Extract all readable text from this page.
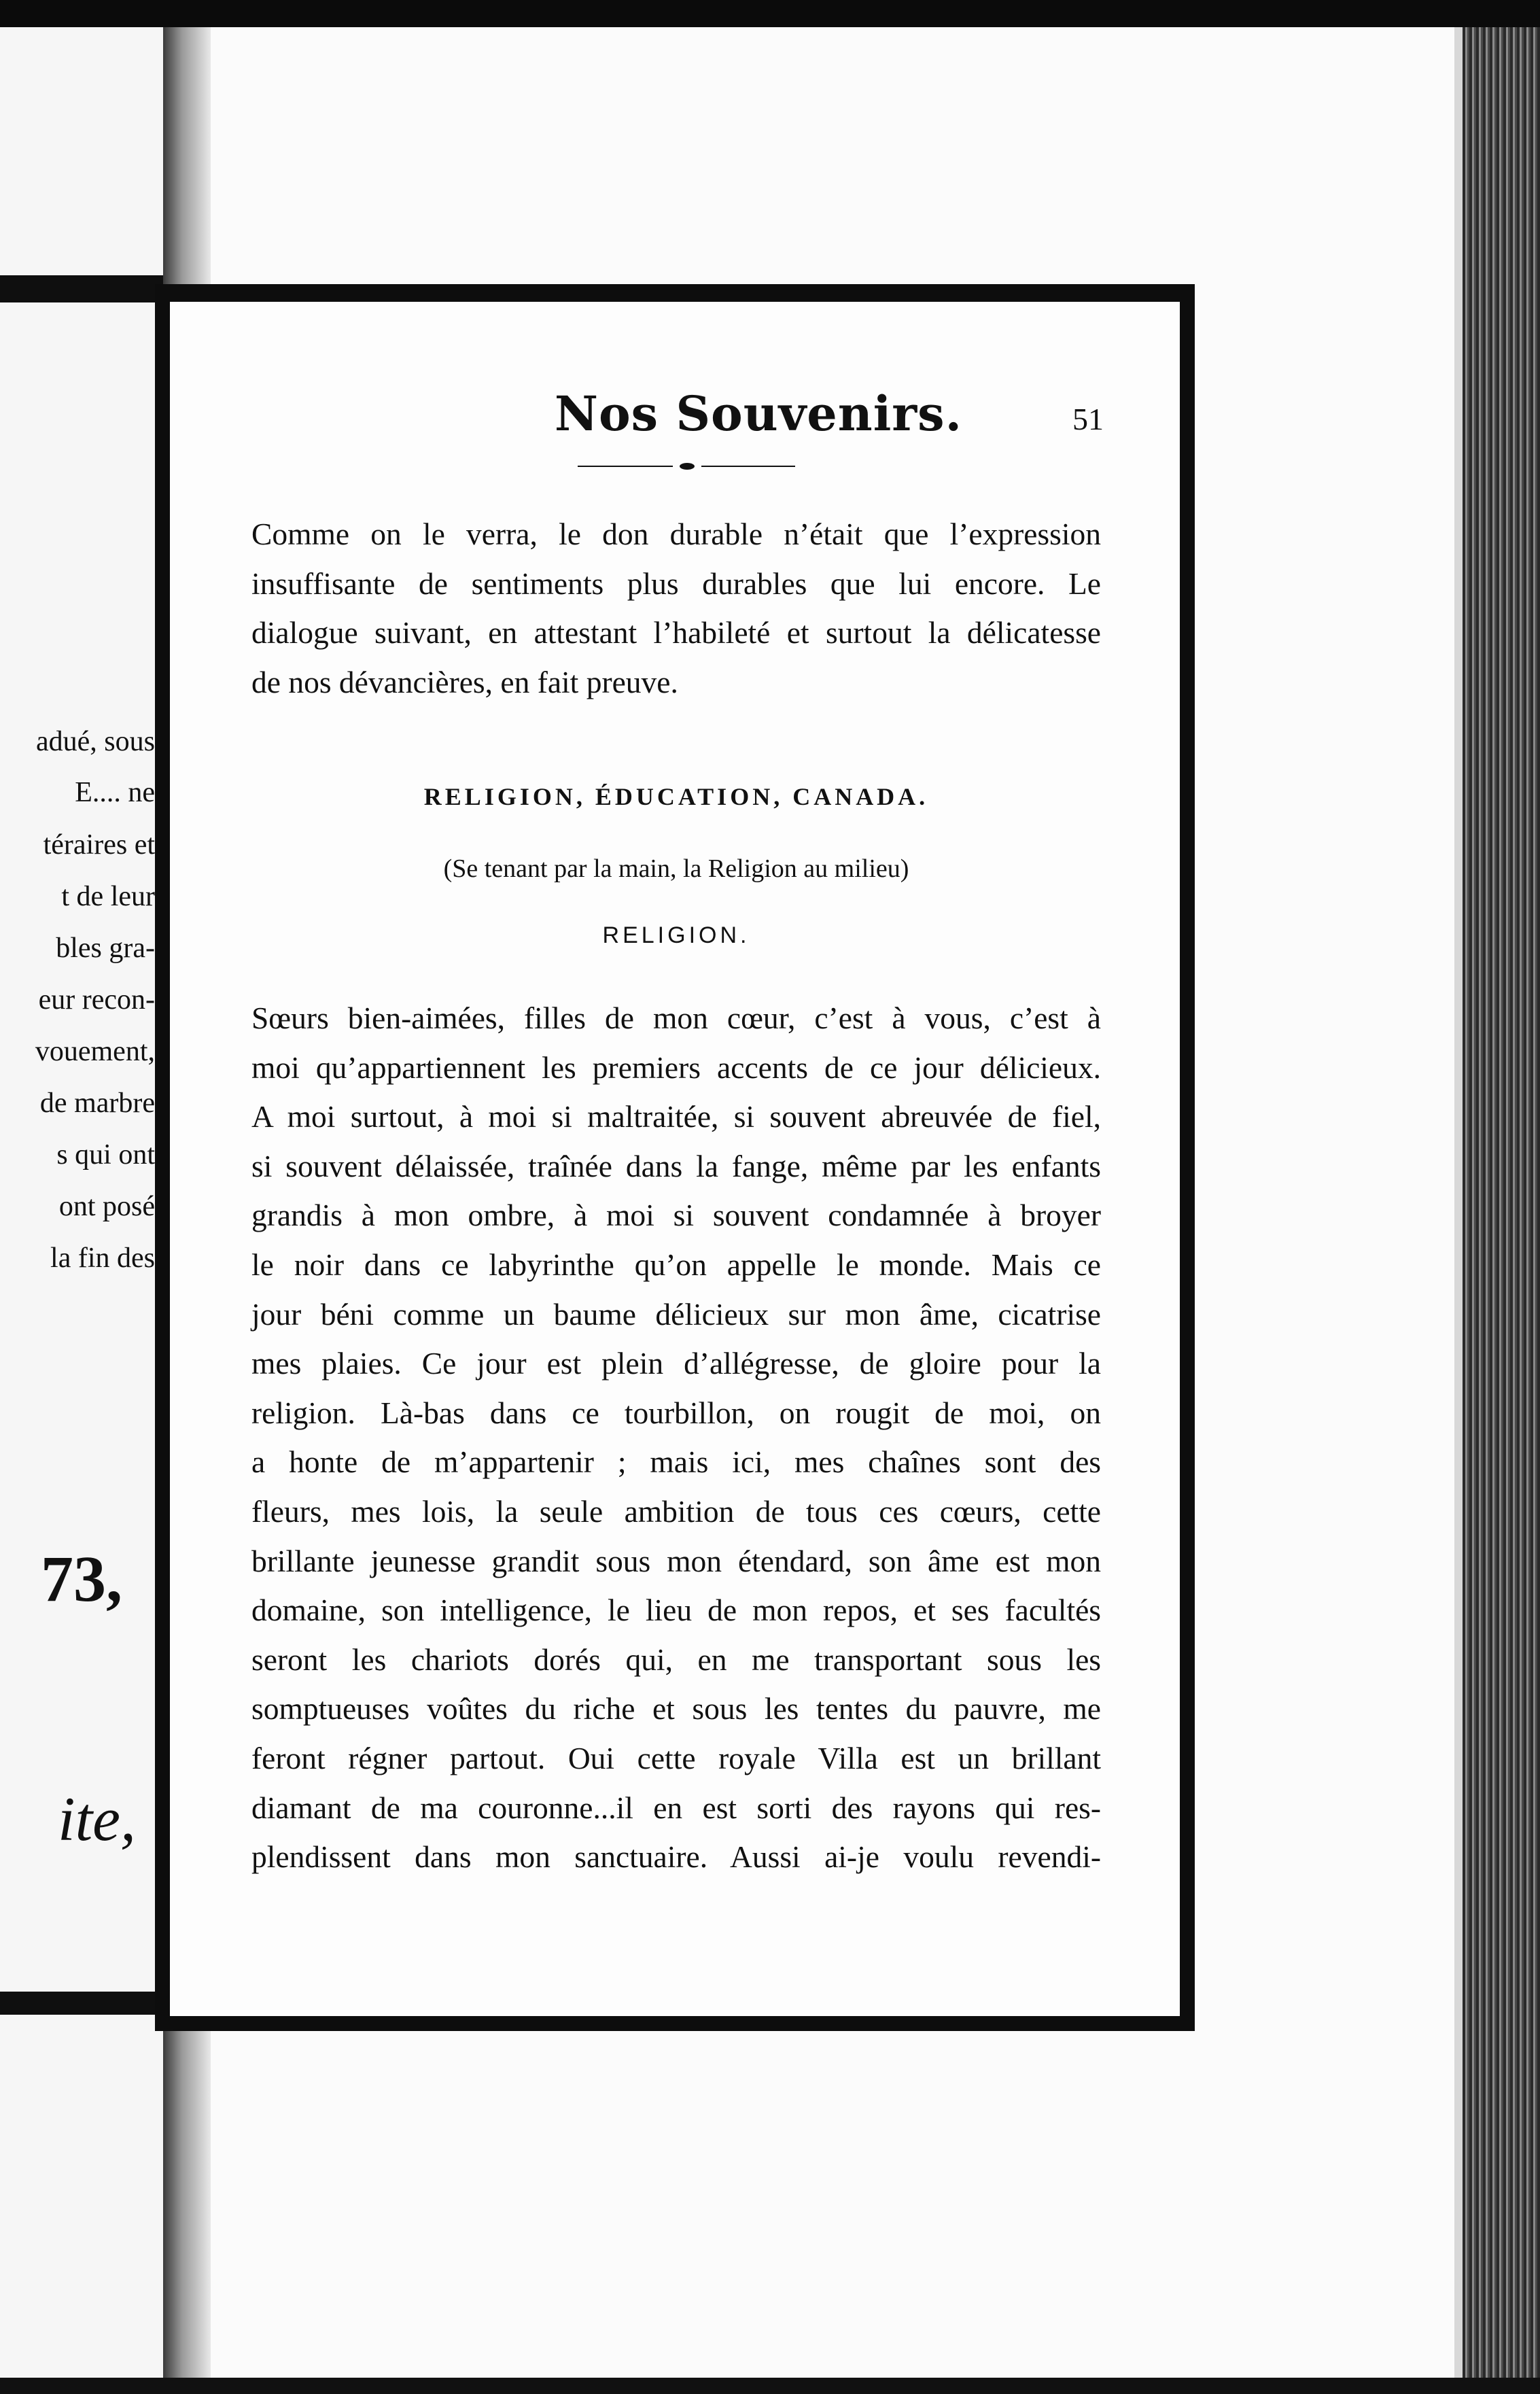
adué, sous
E.... ne
téraires et
t de leur
bles gra-
eur recon-
vouement,
de marbre
s qui ont
ont posé
la fin des
73,
ite,
Nos Souvenirs.	51
Comme on le verra, le don durable n’était que l’expression
insuffisante de sentiments plus durables que lui encore. Le
dialogue suivant, en attestant l’habileté et surtout la délicatesse
de nos dévancières, en fait preuve.
RELIGION, ÉDUCATION, CANADA.
(Se tenant par la main, la Religion au milieu)
RELIGION.
Sœurs bien-aimées, filles de mon cœur, c’est à vous, c’est à
moi qu’appartiennent les premiers accents de ce jour délicieux.
A moi surtout, à moi si maltraitée, si souvent abreuvée de fiel,
si souvent délaissée, traînée dans la fange, même par les enfants
grandis à mon ombre, à moi si souvent condamnée à broyer
le noir dans ce labyrinthe qu’on appelle le monde. Mais ce
jour béni comme un baume délicieux sur mon âme, cicatrise
mes plaies. Ce jour est plein d’allégresse, de gloire pour la
religion. Là-bas dans ce tourbillon, on rougit de moi, on
a honte de m’appartenir ; mais ici, mes chaînes sont des
fleurs, mes lois, la seule ambition de tous ces cœurs, cette
brillante jeunesse grandit sous mon étendard, son âme est mon
domaine, son intelligence, le lieu de mon repos, et ses facultés
seront les chariots dorés qui, en me transportant sous les
somptueuses voûtes du riche et sous les tentes du pauvre, me
feront régner partout. Oui cette royale Villa est un brillant
diamant de ma couronne...il en est sorti des rayons qui res-
plendissent dans mon sanctuaire. Aussi ai-je voulu revendi-
